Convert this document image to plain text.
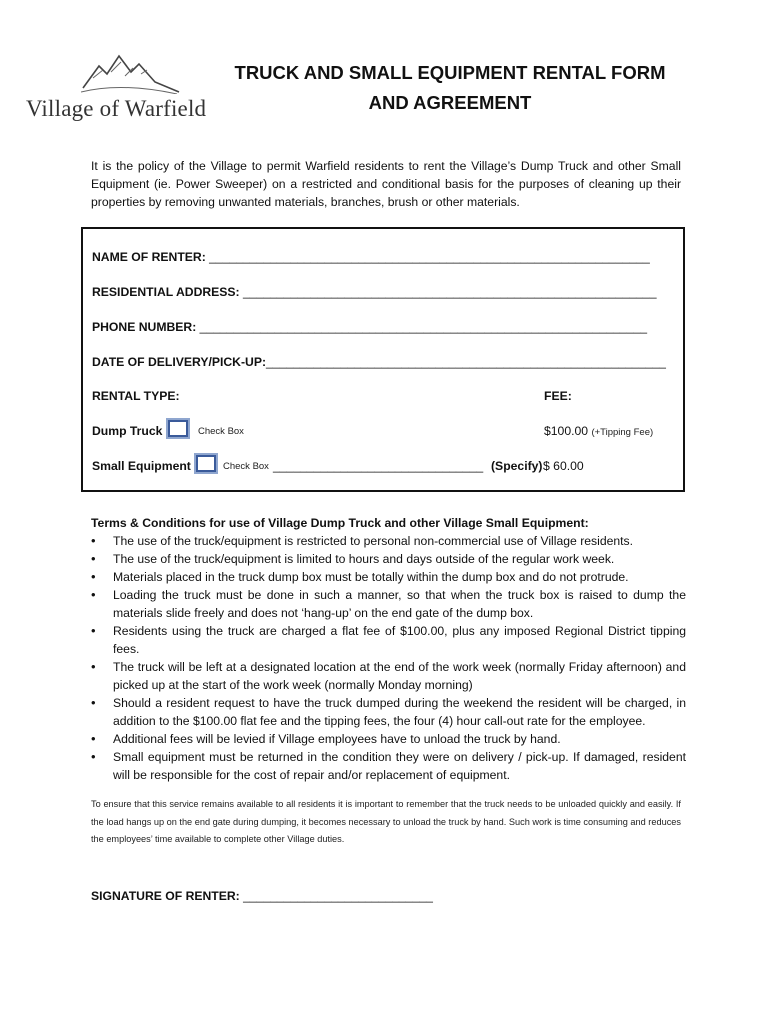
Village of Warfield
TRUCK AND SMALL EQUIPMENT RENTAL FORM
AND AGREEMENT
It is the policy of the Village to permit Warfield residents to rent the Village’s Dump Truck and other Small Equipment (ie. Power Sweeper) on a restricted and conditional basis for the purposes of cleaning up their properties by removing unwanted materials, branches, brush or other materials.
NAME OF RENTER: _________________________________________________________________
RESIDENTIAL ADDRESS: _____________________________________________________________
PHONE NUMBER: __________________________________________________________________
DATE OF DELIVERY/PICK-UP:___________________________________________________________
RENTAL TYPE:	FEE:
Dump Truck	Check Box	$100.00 (+Tipping Fee)
Small Equipment	Check Box _______________________________ (Specify) $ 60.00
Terms & Conditions for use of Village Dump Truck and other Village Small Equipment:
• The use of the truck/equipment is restricted to personal non-commercial use of Village residents.
• The use of the truck/equipment is limited to hours and days outside of the regular work week.
• Materials placed in the truck dump box must be totally within the dump box and do not protrude.
• Loading the truck must be done in such a manner, so that when the truck box is raised to dump the materials slide freely and does not ‘hang-up’ on the end gate of the dump box.
• Residents using the truck are charged a flat fee of $100.00, plus any imposed Regional District tipping fees.
• The truck will be left at a designated location at the end of the work week (normally Friday afternoon) and picked up at the start of the work week (normally Monday morning)
• Should a resident request to have the truck dumped during the weekend the resident will be charged, in addition to the $100.00 flat fee and the tipping fees, the four (4) hour call-out rate for the employee.
• Additional fees will be levied if Village employees have to unload the truck by hand.
• Small equipment must be returned in the condition they were on delivery / pick-up. If damaged, resident will be responsible for the cost of repair and/or replacement of equipment.
To ensure that this service remains available to all residents it is important to remember that the truck needs to be unloaded quickly and easily. If the load hangs up on the end gate during dumping, it becomes necessary to unload the truck by hand. Such work is time consuming and reduces the employees’ time available to complete other Village duties.
SIGNATURE OF RENTER: ____________________________
